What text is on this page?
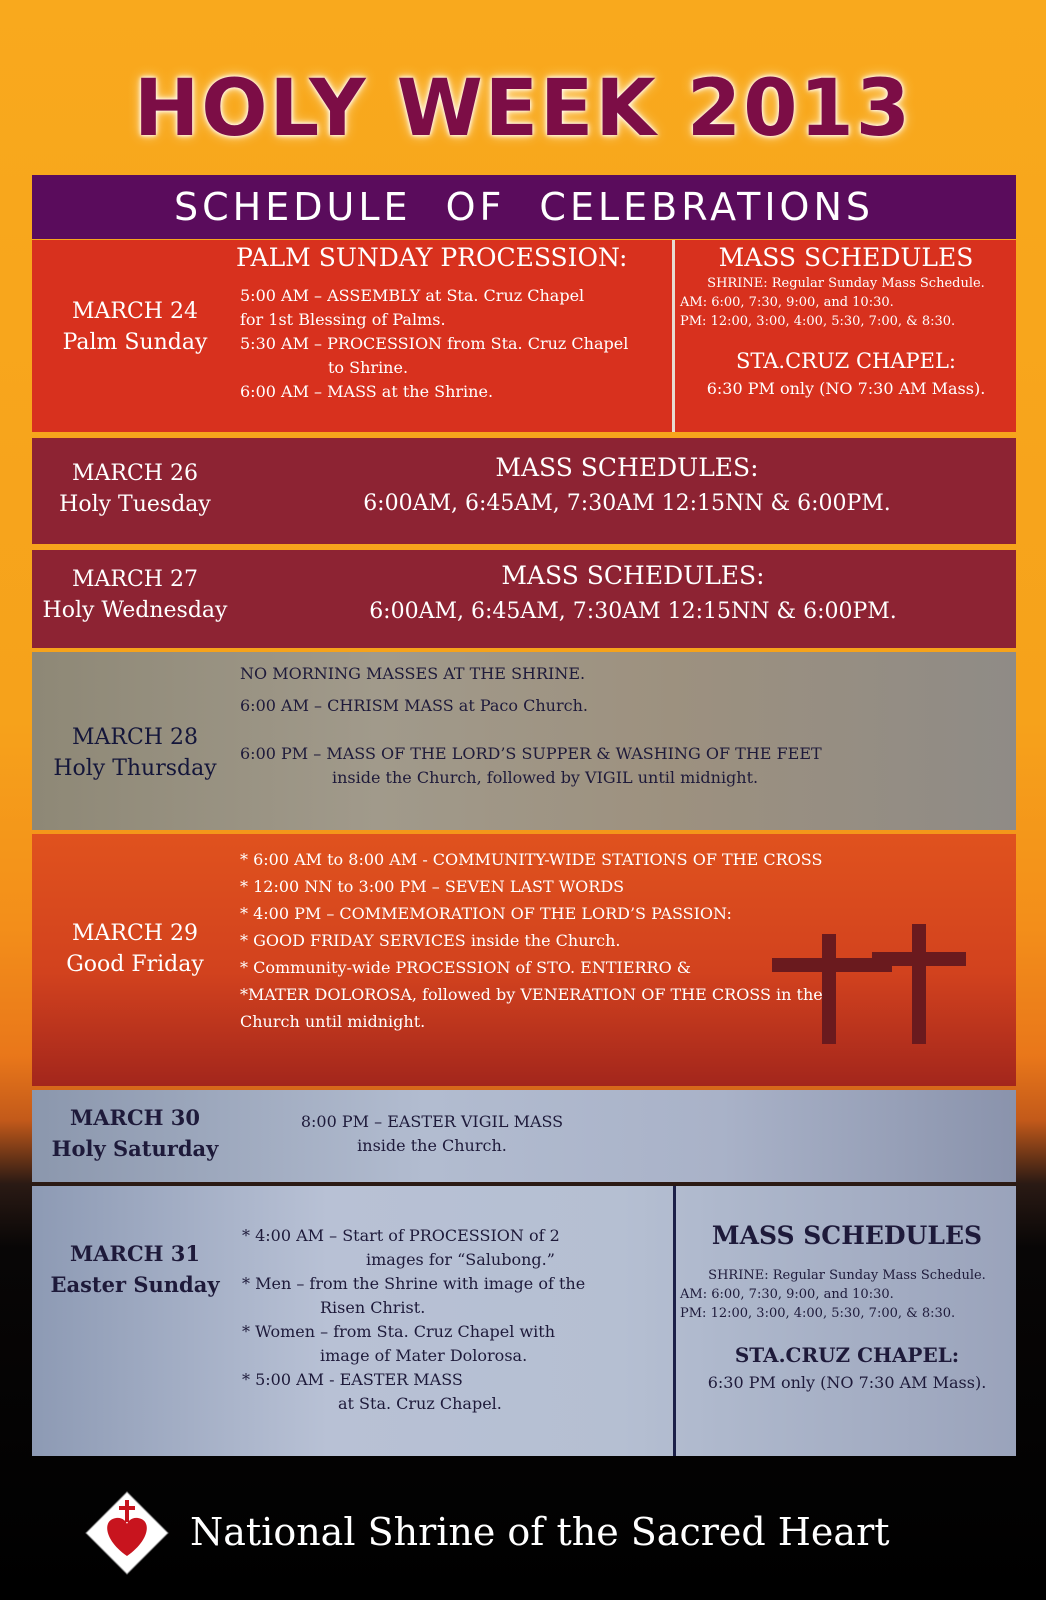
HOLY WEEK 2013
SCHEDULE OF CELEBRATIONS
MARCH 24
Palm Sunday
PALM SUNDAY PROCESSION:
5:00 AM – ASSEMBLY at Sta. Cruz Chapel
for 1st Blessing of Palms.
5:30 AM – PROCESSION from Sta. Cruz Chapel
to Shrine.
6:00 AM – MASS at the Shrine.
MASS SCHEDULES
SHRINE: Regular Sunday Mass Schedule.
AM: 6:00, 7:30, 9:00, and 10:30.
PM: 12:00, 3:00, 4:00, 5:30, 7:00, & 8:30.
STA.CRUZ CHAPEL:
6:30 PM only (NO 7:30 AM Mass).
MARCH 26
Holy Tuesday
MASS SCHEDULES:
6:00AM, 6:45AM, 7:30AM 12:15NN & 6:00PM.
MARCH 27
Holy Wednesday
MASS SCHEDULES:
6:00AM, 6:45AM, 7:30AM 12:15NN & 6:00PM.
MARCH 28
Holy Thursday
NO MORNING MASSES AT THE SHRINE.
6:00 AM – CHRISM MASS at Paco Church.
6:00 PM – MASS OF THE LORD’S SUPPER & WASHING OF THE FEET
inside the Church, followed by VIGIL until midnight.
MARCH 29
Good Friday
* 6:00 AM to 8:00 AM - COMMUNITY-WIDE STATIONS OF THE CROSS
* 12:00 NN to 3:00 PM – SEVEN LAST WORDS
* 4:00 PM – COMMEMORATION OF THE LORD’S PASSION:
* GOOD FRIDAY SERVICES inside the Church.
* Community-wide PROCESSION of STO. ENTIERRO &
*MATER DOLOROSA, followed by VENERATION OF THE CROSS in the
Church until midnight.
MARCH 30
Holy Saturday
8:00 PM – EASTER VIGIL MASS
inside the Church.
MARCH 31
Easter Sunday
* 4:00 AM – Start of PROCESSION of 2
images for “Salubong.”
* Men – from the Shrine with image of the
Risen Christ.
* Women – from Sta. Cruz Chapel with
image of Mater Dolorosa.
* 5:00 AM - EASTER MASS
at Sta. Cruz Chapel.
MASS SCHEDULES
SHRINE: Regular Sunday Mass Schedule.
AM: 6:00, 7:30, 9:00, and 10:30.
PM: 12:00, 3:00, 4:00, 5:30, 7:00, & 8:30.
STA.CRUZ CHAPEL:
6:30 PM only (NO 7:30 AM Mass).
National Shrine of the Sacred Heart
